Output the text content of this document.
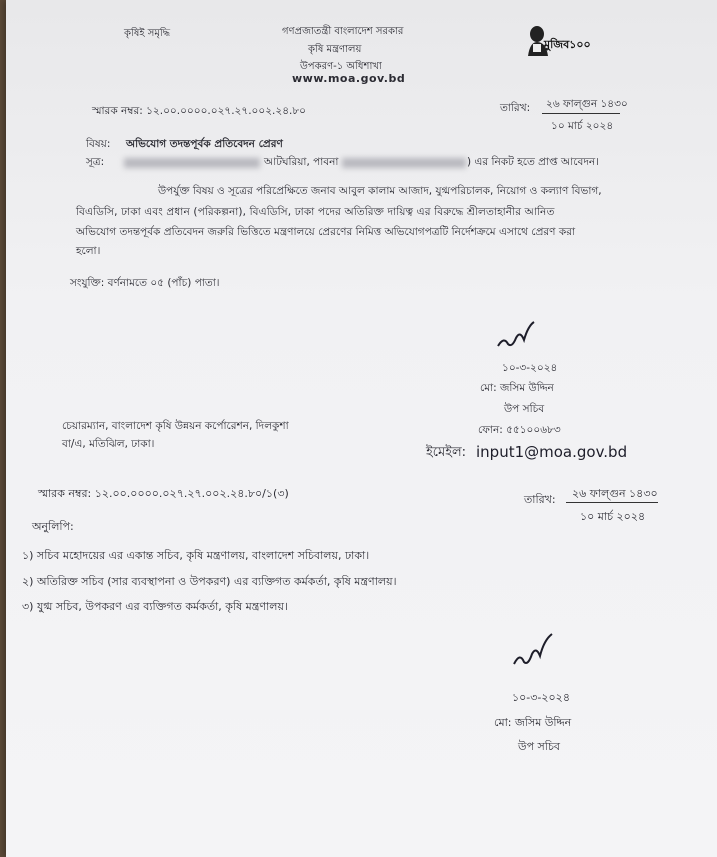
কৃষিই সমৃদ্ধি	গণপ্রজাতন্ত্রী বাংলাদেশ সরকার
কৃষি মন্ত্রণালয়
উপকরণ-১ অধিশাখা
www.moa.gov.bd
মুজিব১০০
স্মারক নম্বর: ১২.০০.০০০০.০২৭.২৭.০০২.২৪.৮০	তারিখ: ২৬ ফাল্গুন ১৪৩০
১০ মার্চ ২০২৪
বিষয়: অভিযোগ তদন্তপূর্বক প্রতিবেদন প্রেরণ
সূত্র:	আটঘরিয়া, পাবনা	) এর নিকট হতে প্রাপ্ত আবেদন।
উপর্যুক্ত বিষয় ও সূত্রের পরিপ্রেক্ষিতে জনাব আবুল কালাম আজাদ, যুগ্মপরিচালক, নিয়োগ ও কল্যাণ বিভাগ,
বিএডিসি, ঢাকা এবং প্রধান (পরিকল্পনা), বিএডিসি, ঢাকা পদের অতিরিক্ত দায়িত্ব এর বিরুদ্ধে শ্রীলতাহানীর আনিত
অভিযোগ তদন্তপূর্বক প্রতিবেদন জরুরি ভিত্তিতে মন্ত্রণালয়ে প্রেরণের নিমিত্ত অভিযোগপত্রটি নির্দেশক্রমে এসাথে প্রেরণ করা
হলো।
সংযুক্তি: বর্ণনামতে ০৫ (পাঁচ) পাতা।
১০-৩-২০২৪
মো: জসিম উদ্দিন
উপ সচিব
ফোন: ৫৫১০০৬৮৩
ইমেইল: input1@moa.gov.bd
চেয়ারম্যান, বাংলাদেশ কৃষি উন্নয়ন কর্পোরেশন, দিলকুশা
বা/এ, মতিঝিল, ঢাকা।
স্মারক নম্বর: ১২.০০.০০০০.০২৭.২৭.০০২.২৪.৮০/১(৩)	তারিখ: ২৬ ফাল্গুন ১৪৩০
১০ মার্চ ২০২৪
অনুলিপি:
১) সচিব মহোদয়ের এর একান্ত সচিব, কৃষি মন্ত্রণালয়, বাংলাদেশ সচিবালয়, ঢাকা।
২) অতিরিক্ত সচিব (সার ব্যবস্থাপনা ও উপকরণ) এর ব্যক্তিগত কর্মকর্তা, কৃষি মন্ত্রণালয়।
৩) যুগ্ম সচিব, উপকরণ এর ব্যক্তিগত কর্মকর্তা, কৃষি মন্ত্রণালয়।
১০-৩-২০২৪
মো: জসিম উদ্দিন
উপ সচিব
